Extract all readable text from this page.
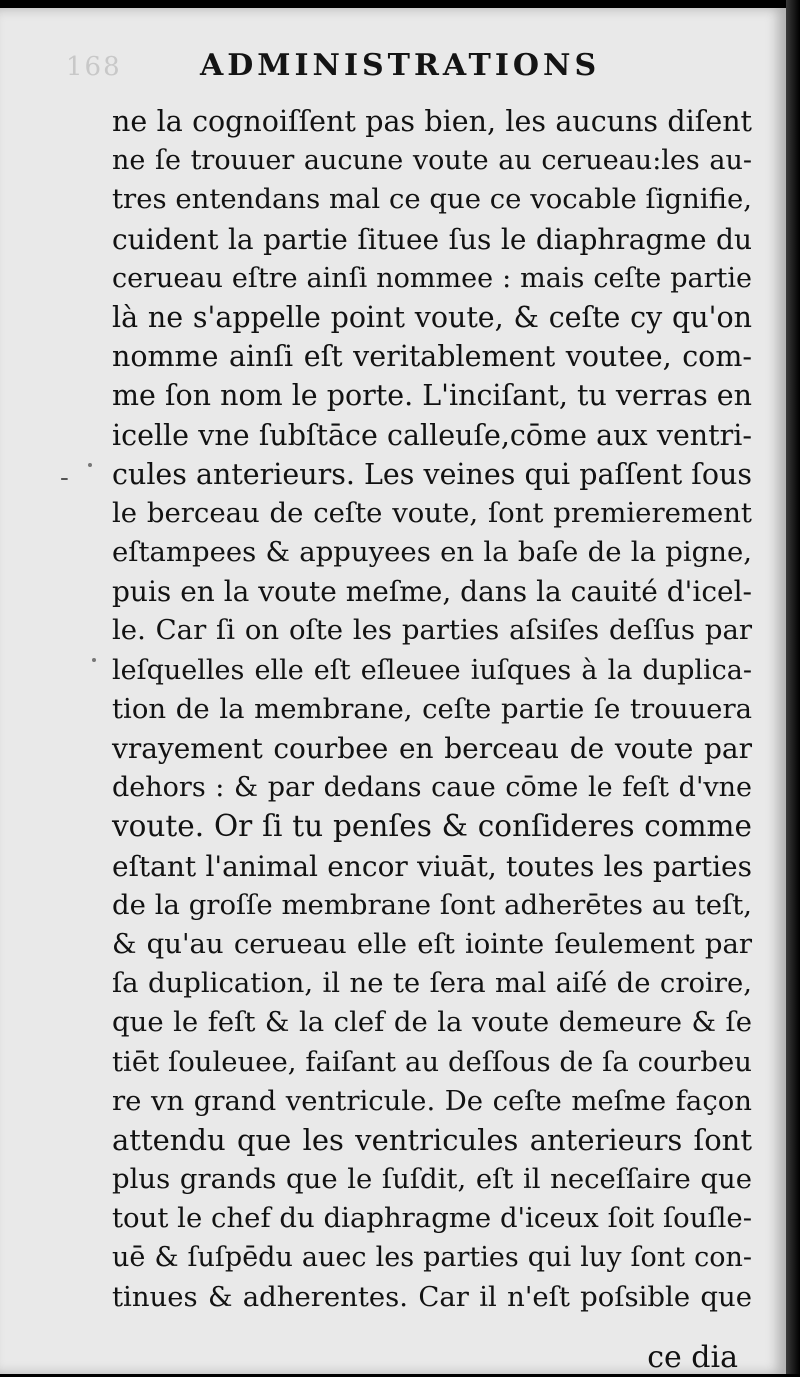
168	ADMINISTRATIONS
-
ne la cognoiſſent pas bien, les aucuns diſent
ne ſe trouuer aucune voute au cerueau:les au-
tres entendans mal ce que ce vocable ſignifie,
cuident la partie ſituee ſus le diaphragme du
cerueau eſtre ainſi nommee : mais ceſte partie
là ne s'appelle point voute, & ceſte cy qu'on
nomme ainſi eſt veritablement voutee, com-
me ſon nom le porte. L'inciſant, tu verras en
icelle vne ſubſtāce calleuſe,cōme aux ventri-
cules anterieurs. Les veines qui paſſent ſous
le berceau de ceſte voute, ſont premierement
eſtampees & appuyees en la baſe de la pigne,
puis en la voute meſme, dans la cauité d'icel-
le. Car ſi on oſte les parties aſsiſes deſſus par
leſquelles elle eſt eſleuee iuſques à la duplica-
tion de la membrane, ceſte partie ſe trouuera
vrayement courbee en berceau de voute par
dehors : & par dedans caue cōme le feſt d'vne
voute. Or ſi tu penſes & conſideres comme
eſtant l'animal encor viuāt, toutes les parties
de la groſſe membrane ſont adherētes au teſt,
& qu'au cerueau elle eſt iointe ſeulement par
ſa duplication, il ne te ſera mal aiſé de croire,
que le feſt & la clef de la voute demeure & ſe
tiēt ſouleuee, faiſant au deſſous de ſa courbeu
re vn grand ventricule. De ceſte meſme façon
attendu que les ventricules anterieurs ſont
plus grands que le ſuſdit, eſt il neceſſaire que
tout le chef du diaphragme d'iceux ſoit ſouſle-
uē & ſuſpēdu auec les parties qui luy ſont con-
tinues & adherentes. Car il n'eſt poſsible que
ce dia
